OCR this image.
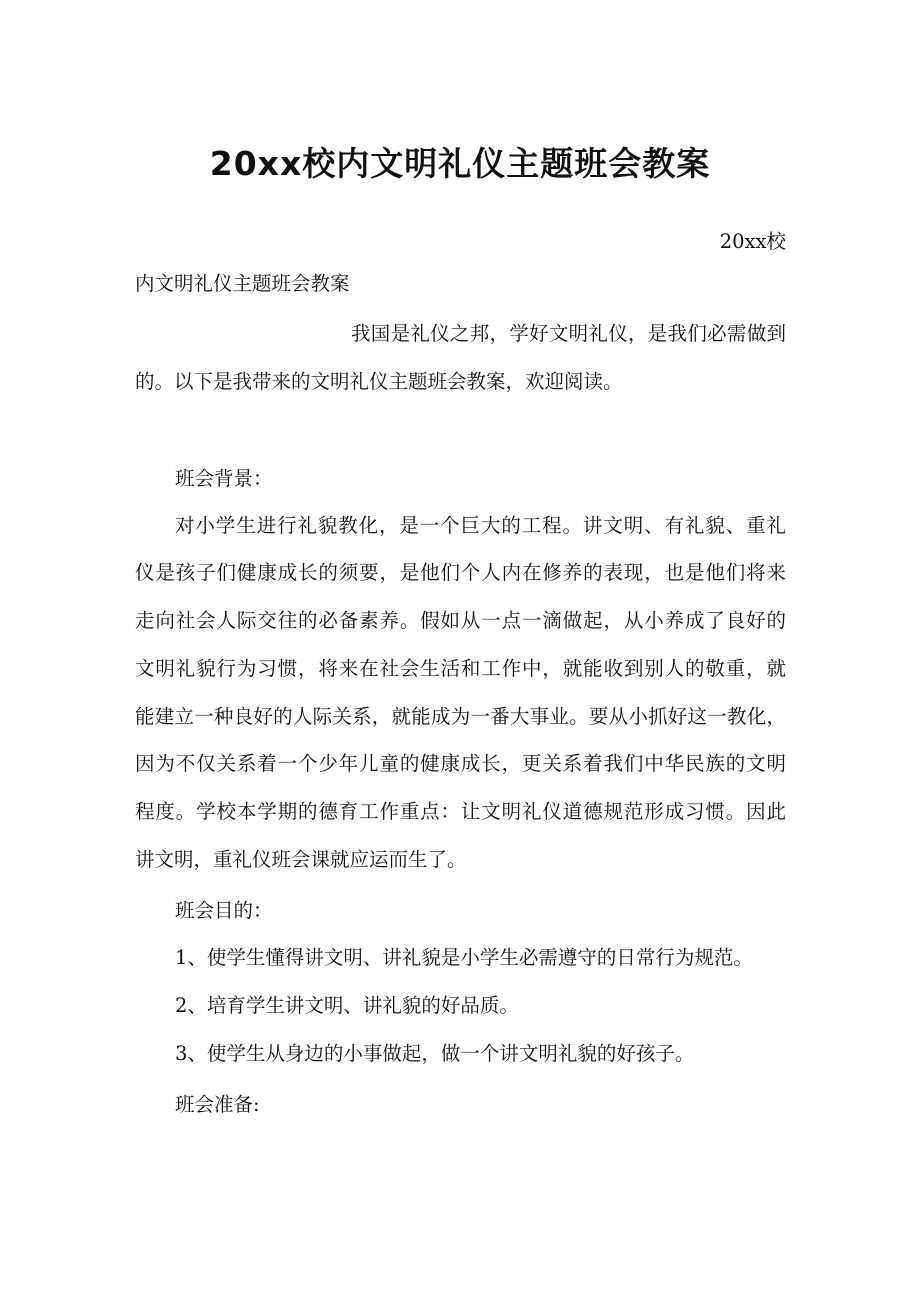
20xx校内文明礼仪主题班会教案
20xx校
内文明礼仪主题班会教案
我国是礼仪之邦，学好文明礼仪，是我们必需做到
的。以下是我带来的文明礼仪主题班会教案，欢迎阅读。
班会背景：
对小学生进行礼貌教化，是一个巨大的工程。讲文明、有礼貌、重礼
仪是孩子们健康成长的须要，是他们个人内在修养的表现，也是他们将来
走向社会人际交往的必备素养。假如从一点一滴做起，从小养成了良好的
文明礼貌行为习惯，将来在社会生活和工作中，就能收到别人的敬重，就
能建立一种良好的人际关系，就能成为一番大事业。要从小抓好这一教化，
因为不仅关系着一个少年儿童的健康成长，更关系着我们中华民族的文明
程度。学校本学期的德育工作重点：让文明礼仪道德规范形成习惯。因此
讲文明，重礼仪班会课就应运而生了。
班会目的：
1、使学生懂得讲文明、讲礼貌是小学生必需遵守的日常行为规范。
2、培育学生讲文明、讲礼貌的好品质。
3、使学生从身边的小事做起，做一个讲文明礼貌的好孩子。
班会准备:
